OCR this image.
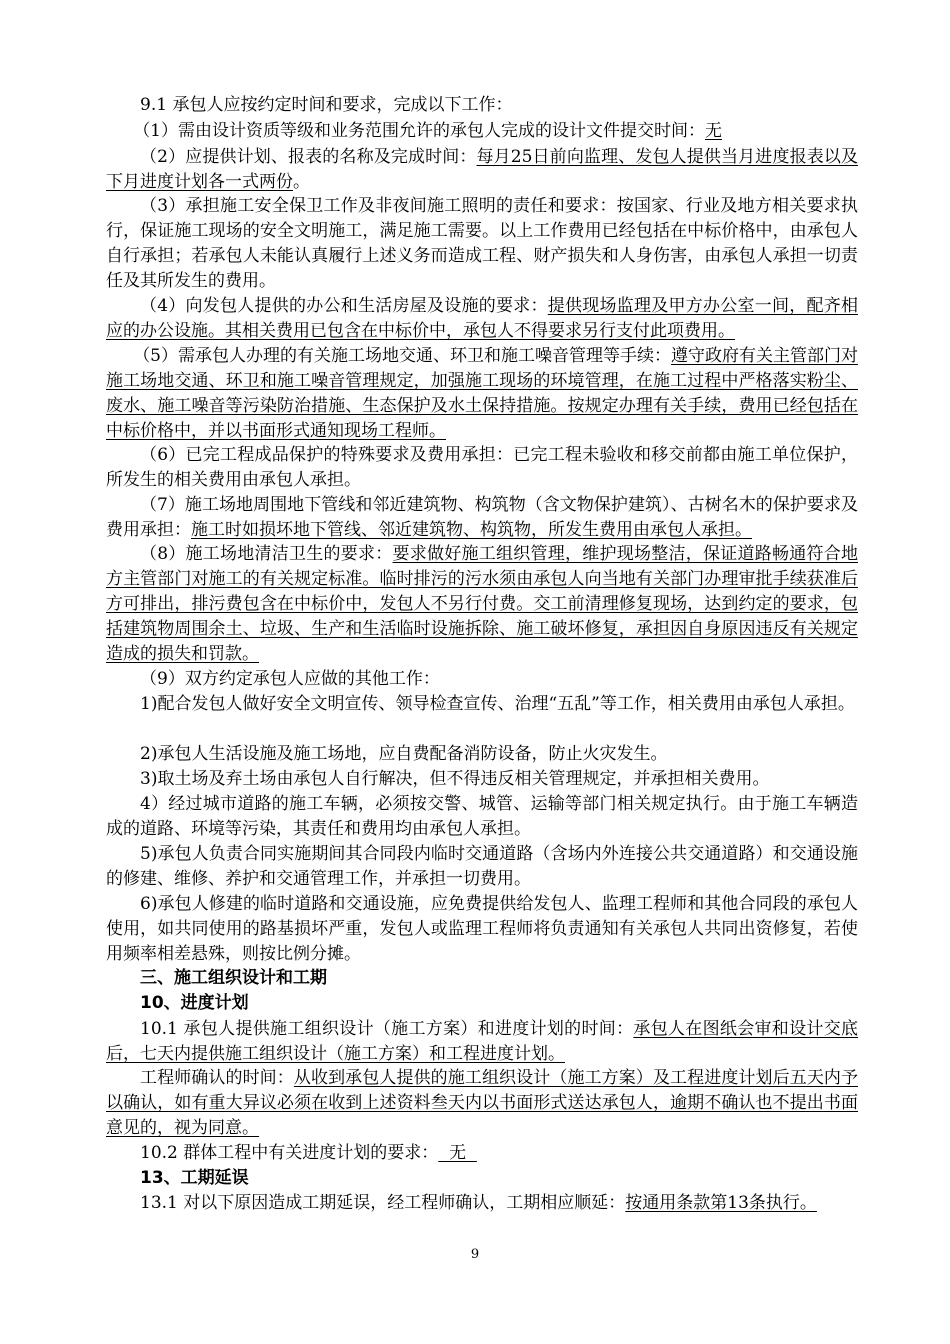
9.1 承包人应按约定时间和要求，完成以下工作：
（1）需由设计资质等级和业务范围允许的承包人完成的设计文件提交时间：无
（2）应提供计划、报表的名称及完成时间：每月25日前向监理、发包人提供当月进度报表以及下月进度计划各一式两份。
（3）承担施工安全保卫工作及非夜间施工照明的责任和要求：按国家、行业及地方相关要求执行，保证施工现场的安全文明施工，满足施工需要。以上工作费用已经包括在中标价格中，由承包人自行承担；若承包人未能认真履行上述义务而造成工程、财产损失和人身伤害，由承包人承担一切责任及其所发生的费用。
（4）向发包人提供的办公和生活房屋及设施的要求：提供现场监理及甲方办公室一间，配齐相应的办公设施。其相关费用已包含在中标价中，承包人不得要求另行支付此项费用。
（5）需承包人办理的有关施工场地交通、环卫和施工噪音管理等手续：遵守政府有关主管部门对施工场地交通、环卫和施工噪音管理规定，加强施工现场的环境管理，在施工过程中严格落实粉尘、废水、施工噪音等污染防治措施、生态保护及水土保持措施。按规定办理有关手续，费用已经包括在中标价格中，并以书面形式通知现场工程师。
（6）已完工程成品保护的特殊要求及费用承担：已完工程未验收和移交前都由施工单位保护，所发生的相关费用由承包人承担。
（7）施工场地周围地下管线和邻近建筑物、构筑物（含文物保护建筑）、古树名木的保护要求及费用承担：施工时如损坏地下管线、邻近建筑物、构筑物，所发生费用由承包人承担。
（8）施工场地清洁卫生的要求：要求做好施工组织管理，维护现场整洁，保证道路畅通符合地方主管部门对施工的有关规定标准。临时排污的污水须由承包人向当地有关部门办理审批手续获准后方可排出，排污费包含在中标价中，发包人不另行付费。交工前清理修复现场，达到约定的要求，包括建筑物周围余土、垃圾、生产和生活临时设施拆除、施工破坏修复，承担因自身原因违反有关规定造成的损失和罚款。
（9）双方约定承包人应做的其他工作：
1)配合发包人做好安全文明宣传、领导检查宣传、治理“五乱”等工作，相关费用由承包人承担。
2)承包人生活设施及施工场地，应自费配备消防设备，防止火灾发生。
3)取土场及弃土场由承包人自行解决，但不得违反相关管理规定，并承担相关费用。
4）经过城市道路的施工车辆，必须按交警、城管、运输等部门相关规定执行。由于施工车辆造成的道路、环境等污染，其责任和费用均由承包人承担。
5)承包人负责合同实施期间其合同段内临时交通道路（含场内外连接公共交通道路）和交通设施的修建、维修、养护和交通管理工作，并承担一切费用。
6)承包人修建的临时道路和交通设施，应免费提供给发包人、监理工程师和其他合同段的承包人使用，如共同使用的路基损坏严重，发包人或监理工程师将负责通知有关承包人共同出资修复，若使用频率相差悬殊，则按比例分摊。
三、施工组织设计和工期
10、进度计划
10.1 承包人提供施工组织设计（施工方案）和进度计划的时间：承包人在图纸会审和设计交底后，七天内提供施工组织设计（施工方案）和工程进度计划。
工程师确认的时间：从收到承包人提供的施工组织设计（施工方案）及工程进度计划后五天内予以确认，如有重大异议必须在收到上述资料叁天内以书面形式送达承包人，逾期不确认也不提出书面意见的，视为同意。
10.2 群体工程中有关进度计划的要求：  无
13、工期延误
13.1 对以下原因造成工期延误，经工程师确认，工期相应顺延：按通用条款第13条执行。
9
